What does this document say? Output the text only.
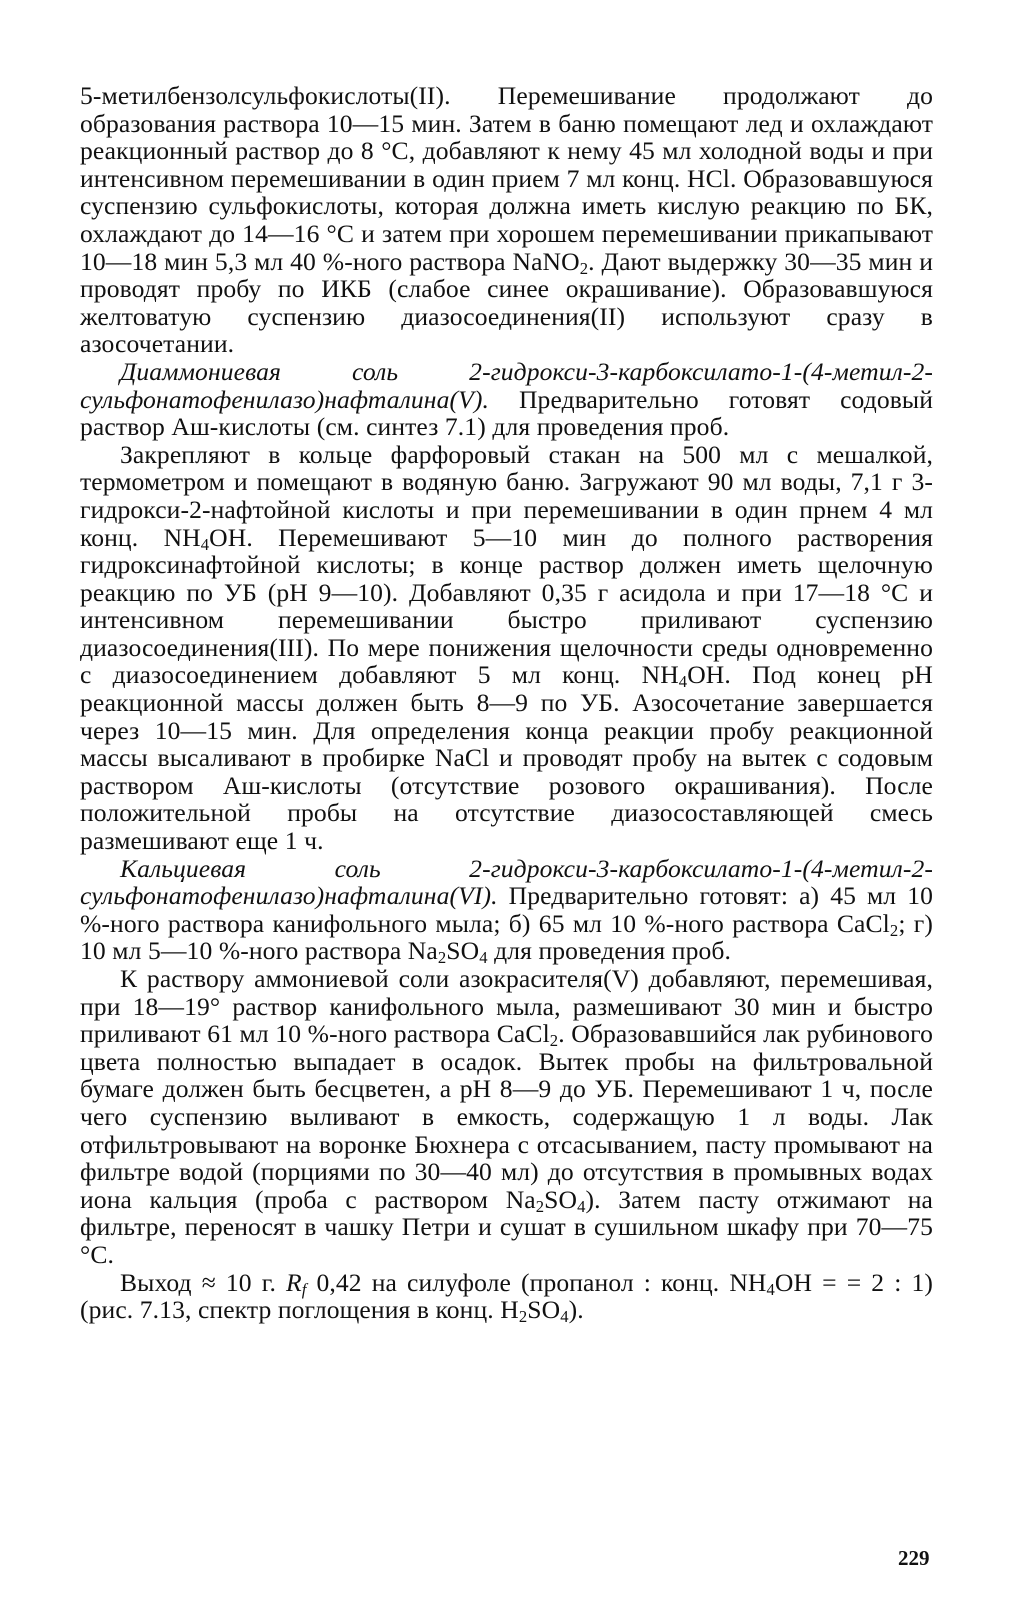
5-метилбензолсульфокислоты(II). Перемешивание продолжают до образования раствора 10—15 мин. Затем в баню помещают лед и охлаждают реакционный раствор до 8 °С, добавляют к нему 45 мл холодной воды и при интенсивном перемешивании в один прием 7 мл конц. HCl. Образовавшуюся суспензию сульфокислоты, которая должна иметь кислую реакцию по БК, охлаждают до 14—16 °С и затем при хорошем перемешивании прикапывают 10—18 мин 5,3 мл 40 %-ного раствора NaNO$_2$. Дают выдержку 30—35 мин и проводят пробу по ИКБ (слабое синее окрашивание). Образовавшуюся желтоватую суспензию диазосоединения(II) используют сразу в азосочетании.

Диаммониевая соль 2-гидрокси-3-карбоксилато-1-(4-метил-2-сульфонатофенилазо)нафталина(V). Предварительно готовят содовый раствор Аш-кислоты (см. синтез 7.1) для проведения проб.

Закрепляют в кольце фарфоровый стакан на 500 мл с мешалкой, термометром и помещают в водяную баню. Загружают 90 мл воды, 7,1 г 3-гидрокси-2-нафтойной кислоты и при перемешивании в один прнем 4 мл конц. $NH_4OH$. Перемешивают 5—10 мин до полного растворения гидроксинафтойной кислоты; в конце раствор должен иметь щелочную реакцию по УБ (рН 9—10). Добавляют 0,35 г асидола и при 17—18 °С и интенсивном перемешивании быстро приливают суспензию диазосоединения(III). По мере понижения щелочности среды одновременно с диазосоединением добавляют 5 мл конц. $NH_4OH$. Под конец рН реакционной массы должен быть 8—9 по УБ. Азосочетание завершается через 10—15 мин. Для определения конца реакции пробу реакционной массы высаливают в пробирке NaCl и проводят пробу на вытек с содовым раствором Аш-кислоты (отсутствие розового окрашивания). После положительной пробы на отсутствие диазосоставляющей смесь размешивают еще 1 ч.

Кальциевая соль 2-гидрокси-3-карбоксилато-1-(4-метил-2-сульфонатофенилазо)нафталина(VI). Предварительно готовят: а) 45 мл 10 %-ного раствора канифольного мыла; б) 65 мл 10 %-ного раствора CaCl$_2$; г) 10 мл 5—10 %-ного раствора $Na_2SO_4$ для проведения проб.

К раствору аммониевой соли азокрасителя(V) добавляют, перемешивая, при 18—19° раствор канифольного мыла, размешивают 30 мин и быстро приливают 61 мл 10 %-ного раствора CaCl$_2$. Образовавшийся лак рубинового цвета полностью выпадает в осадок. Вытек пробы на фильтровальной бумаге должен быть бесцветен, а рН 8—9 до УБ. Перемешивают 1 ч, после чего суспензию выливают в емкость, содержащую 1 л воды. Лак отфильтровывают на воронке Бюхнера с отсасыванием, пасту промывают на фильтре водой (порциями по 30—40 мл) до отсутствия в промывных водах иона кальция (проба с раствором $Na_2SO_4$). Затем пасту отжимают на фильтре, переносят в чашку Петри и сушат в сушильном шкафу при 70—75 °С.

Выход ≈ 10 г. $R_f$ 0,42 на силуфоле (пропанол : конц. $NH_4OH$ = = 2 : 1) (рис. 7.13, спектр поглощения в конц. $H_2SO_4$).

229
